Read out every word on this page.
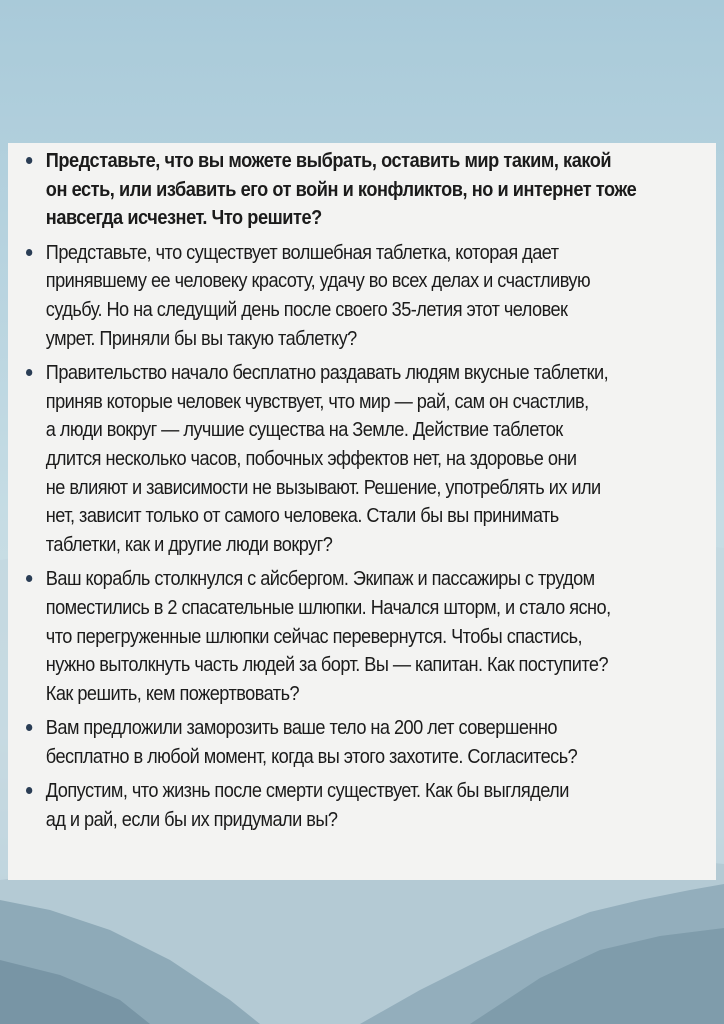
Представьте, что вы можете выбрать, оставить мир таким, какой
он есть, или избавить его от войн и конфликтов, но и интернет тоже
навсегда исчезнет. Что решите?
Представьте, что существует волшебная таблетка, которая дает
принявшему ее человеку красоту, удачу во всех делах и счастливую
судьбу. Но на следущий день после своего 35-летия этот человек
умрет. Приняли бы вы такую таблетку?
Правительство начало бесплатно раздавать людям вкусные таблетки,
приняв которые человек чувствует, что мир — рай, сам он счастлив,
а люди вокруг — лучшие существа на Земле. Действие таблеток
длится несколько часов, побочных эффектов нет, на здоровье они
не влияют и зависимости не вызывают. Решение, употреблять их или
нет, зависит только от самого человека. Стали бы вы принимать
таблетки, как и другие люди вокруг?
Ваш корабль столкнулся с айсбергом. Экипаж и пассажиры с трудом
поместились в 2 спасательные шлюпки. Начался шторм, и стало ясно,
что перегруженные шлюпки сейчас перевернутся. Чтобы спастись,
нужно вытолкнуть часть людей за борт. Вы — капитан. Как поступите?
Как решить, кем пожертвовать?
Вам предложили заморозить ваше тело на 200 лет совершенно
бесплатно в любой момент, когда вы этого захотите. Согласитесь?
Допустим, что жизнь после смерти существует. Как бы выглядели
ад и рай, если бы их придумали вы?
